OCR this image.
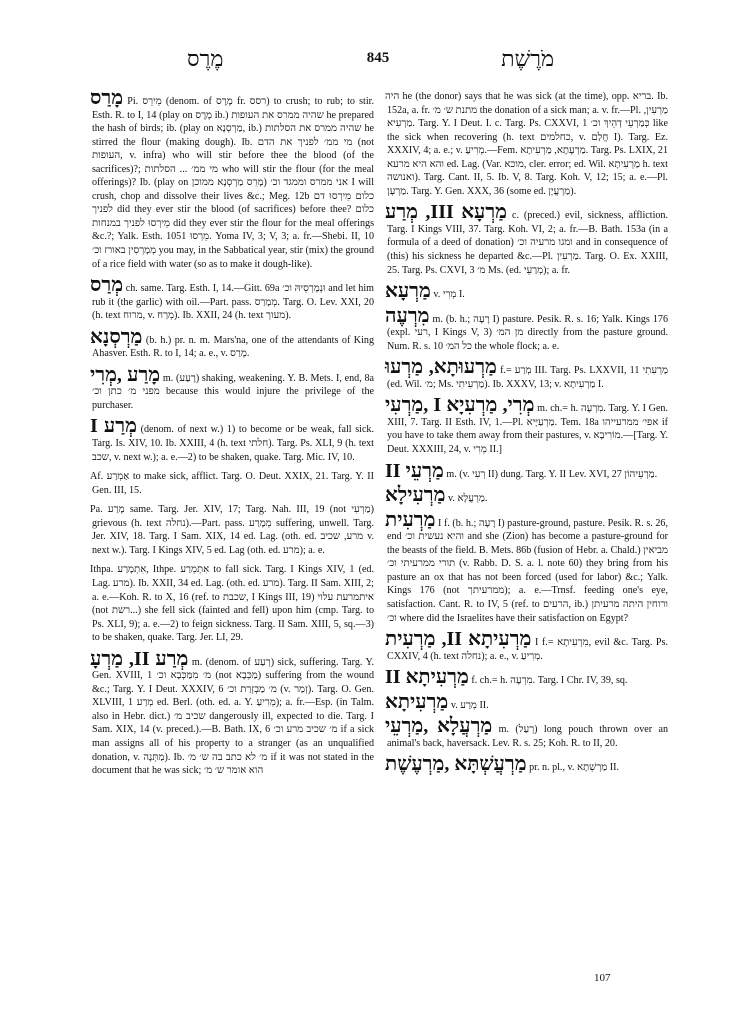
מֶרֶס	845	מֹרֶשֶׁת

מָרַס Pi. מֵירֵס (denom. of מֶרֶס fr. רסס) to crush; to rub; to stir. Esth. R. to I, 14 (play on מֶרֶס ib.) שהיה ממרס את העופות he prepared the hash of birds; ib. (play on מַרְסְנָא, ib.) שהיה ממרס את הסלתות he stirred the flour (making dough). Ib. מי ממ׳ לפניך את הדם (not העופות, v. infra) who will stir before thee the blood (of the sacrifices)?; מי ממ׳ ... הסלתות who will stir the flour (for the meal offerings)? Ib. (play on מָרֵס מַרְסְנָא ממוכן) אני ממרס וממגד וכ׳ I will crush, chop and dissolve their lives &c.; Meg. 12b כלום מֵירְסוּ דם לפניך did they ever stir the blood (of sacrifices) before thee? כלום מֵירְסוּ לפניך במנחות did they ever stir the flour for the meal offerings &c.?; Yalk. Esth. 1051 מֵרְסוּ. Yoma IV, 3; V, 3; a. fr.—Shebi. II, 10 מְמָרְסִין באורז וכ׳ you may, in the Sabbatical year, stir (mix) the ground of a rice field with water (so as to make it dough-like).

מְרַס ch. same. Targ. Esth. I, 14.—Gitt. 69a וּנְמָרְסֵיהּ וכ׳ and let him rub it (the garlic) with oil.—Part. pass. מְמָרַס. Targ. O. Lev. XXI, 20 (h. text מרוח, v. מְרַח). Ib. XXII, 24 (h. text מעוך).

מַרְסְנָא (b. h.) pr. n. m. Mars'na, one of the attendants of King Ahasver. Esth. R. to I, 14; a. e., v. מָרַס.

מָרַע ,מְרִי m. (רָעַע) shaking, weakening. Y. B. Mets. I, end, 8a מפני מ׳ כתן וכ׳ because this would injure the privilege of the purchaser.

מְרַע I (denom. of next w.) 1) to become or be weak, fall sick. Targ. Is. XIV, 10. Ib. XXIII, 4 (h. text חלתי). Targ. Ps. XLI, 9 (h. text שכב, v. next w.); a. e.—2) to be shaken, quake. Targ. Mic. IV, 10.

Af. אַמְרַע to make sick, afflict. Targ. O. Deut. XXIX, 21. Targ. Y. II Gen. III, 15.

Pa. מָרַע same. Targ. Jer. XIV, 17; Targ. Nah. III, 19 (not מַרְעִי) grievous (h. text נחלה).—Part. pass. מְמָרַע suffering, unwell. Targ. Jer. XIV, 18. Targ. I Sam. XIX, 14 ed. Lag. (oth. ed. מרע, שכיב v. next w.). Targ. I Kings XIV, 5 ed. Lag (oth. ed. מרע); a. e.

Ithpa. אִתְמָרַע, Ithpe. אִתְמְרַע to fall sick. Targ. I Kings XIV, 1 (ed. Lag. מרע). Ib. XXII, 34 ed. Lag. (oth. ed. מרע). Targ. II Sam. XIII, 2; a. e.—Koh. R. to X, 16 (ref. to שכבת, I Kings III, 19) איתמרעת עלוי (not רשת...) she fell sick (fainted and fell) upon him (cmp. Targ. to Ps. XLI, 9); a. e.—2) to feign sickness. Targ. II Sam. XIII, 5, sq.—3) to be shaken, quake. Targ. Jer. LI, 29.

מְרַע II, מַרְעָ m. (denom. of רְעַע) sick, suffering. Targ. Y. Gen. XVIII, 1 מ׳ מִמַּכְּבָא וכ׳ (not מַכְּבָא) suffering from the wound &c.; Targ. Y. I Deut. XXXIV, 6 מ׳ מַבְזְרַת וכ׳ (v. זְמַר). Targ. O. Gen. XLVIII, 1 מְרַע ed. Berl. (oth. ed. a. Y. מְרִיעַ); a. fr.—Esp. (in Talm. also in Hebr. dict.) שכיב מ׳ dangerously ill, expected to die. Targ. I Sam. XIX, 14 (v. preced.).—B. Bath. IX, 6 מ׳ שכיב מרע וכ׳ if a sick man assigns all of his property to a stranger (as an unqualified donation, v. מַתְּנָה). Ib. מ׳ לא כתב בה ש׳ מ׳ if it was not stated in the document that he was sick; הוא אומר ש׳ מ׳

היה he (the donor) says that he was sick (at the time), opp. בריא. Ib. 152a, a. fr. מתנת ש׳ מ׳ the donation of a sick man; a. v. fr.—Pl. מַרְעִין, מַרְעִיא. Targ. Y. I Deut. I. c. Targ. Ps. CXXVI, 1 כְּמַרְעֵי דְהֵיךְ וכ׳ like the sick when recovering (h. text כחלמים, v. חֲלַם I). Targ. Ez. XXXIV, 4; a. e.; v. מְרִיעַ.—Fem. מַרְעָתָא, מַרְעִיתָא. Targ. Ps. LXIX, 21 והא היא מרעא ed. Lag. (Var. מוכא, cler. error; ed. Wil. מַרְעִיתָא h. text ואנושה). Targ. Cant. II, 5. Ib. V, 8. Targ. Koh. V, 12; 15; a. e.—Pl. מַרְעָן. Targ. Y. Gen. XXX, 36 (some ed. מַרְעֲיָן).

מַרְעָא III, מְרַע c. (preced.) evil, sickness, affliction. Targ. I Kings VIII, 37. Targ. Koh. VI, 2; a. fr.—B. Bath. 153a (in a formula of a deed of donation) ומגו מרעיה וכ׳ and in consequence of (this) his sickness he departed &c.—Pl. מַרְעִין. Targ. O. Ex. XXIII, 25. Targ. Ps. CXVI, 3 מ׳ Ms. (ed. מְרַעֵי); a. fr.

מַרְעָא v. מְרִי I.

מִרְעֶה m. (b. h.; רָעָה I) pasture. Pesik. R. s. 16; Yalk. Kings 176 (expl. רעי, I Kings V, 3) מן המ׳ directly from the pasture ground. Num. R. s. 10 כל המ׳ the whole flock; a. e.

מַרְעוּתָא, מַרְעוּ f.= מְרַע III. Targ. Ps. LXXVII, 11 מַרְעִתִי (ed. Wil. מ׳; Ms. מַרְעִיתִי). Ib. XXXV, 13; v. מַרְעִיתָא I.

מְרִי, מַרְעִיָא I ,מַרְעִי m. ch.= h. מִרְעֶה. Targ. Y. I Gen. XIII, 7. Targ. II Esth. IV, 1.—Pl. מַרְעַיָּיא. Tem. 18a אפי׳ ממרעייהו if you have to take them away from their pastures, v. מוֹרִיבָא.—[Targ. Y. Deut. XXXIII, 24, v. מְרִי II.]

מַרְעֵי II m. (v. רְעִי II) dung. Targ. Y. II Lev. XVI, 27 מַרְעֵיהוֹן.

מַרְעִילָא v. מַרְעֲלָא.

מַרְעִית I f. (b. h.; רָעָה I) pasture-ground, pasture. Pesik. R. s. 26, end והיא נעשית וכ׳ and she (Zion) has become a pasture-ground for the beasts of the field. B. Mets. 86b (fusion of Hebr. a. Chald.) מביאין תורי ממרעיתי וכ׳ (v. Rabb. D. S. a. l. note 60) they bring from his pasture an ox that has not been forced (used for labor) &c.; Yalk. Kings 176 (not ממרעיתך); a. e.—Trnsf. feeding one's eye, satisfaction. Cant. R. to IV, 5 (ref. to הרעים, ib.) ורוחין היתה מרעיתן וכ׳ where did the Israelites have their satisfaction on Egypt?

מַרְעִיתָא II, מַרְעִית I f.= מִרְעִיתָא, evil &c. Targ. Ps. CXXIV, 4 (h. text נחלה); a. e., v. מְרִיעַ.

מַרְעִיתָא II f. ch.= h. מִרְעֶה. Targ. I Chr. IV, 39, sq.

מַרְעִיתָא v. מְרַע II.

מַרְעֲלָא ,מַרְעֵי m. (רְעַל) long pouch thrown over an animal's back, haversack. Lev. R. s. 25; Koh. R. to II, 20.

מַרְעֲשְׁתָּא ,מַרְעֶשֶׁת pr. n. pl., v. מַרְשְׁתָא II.

107
